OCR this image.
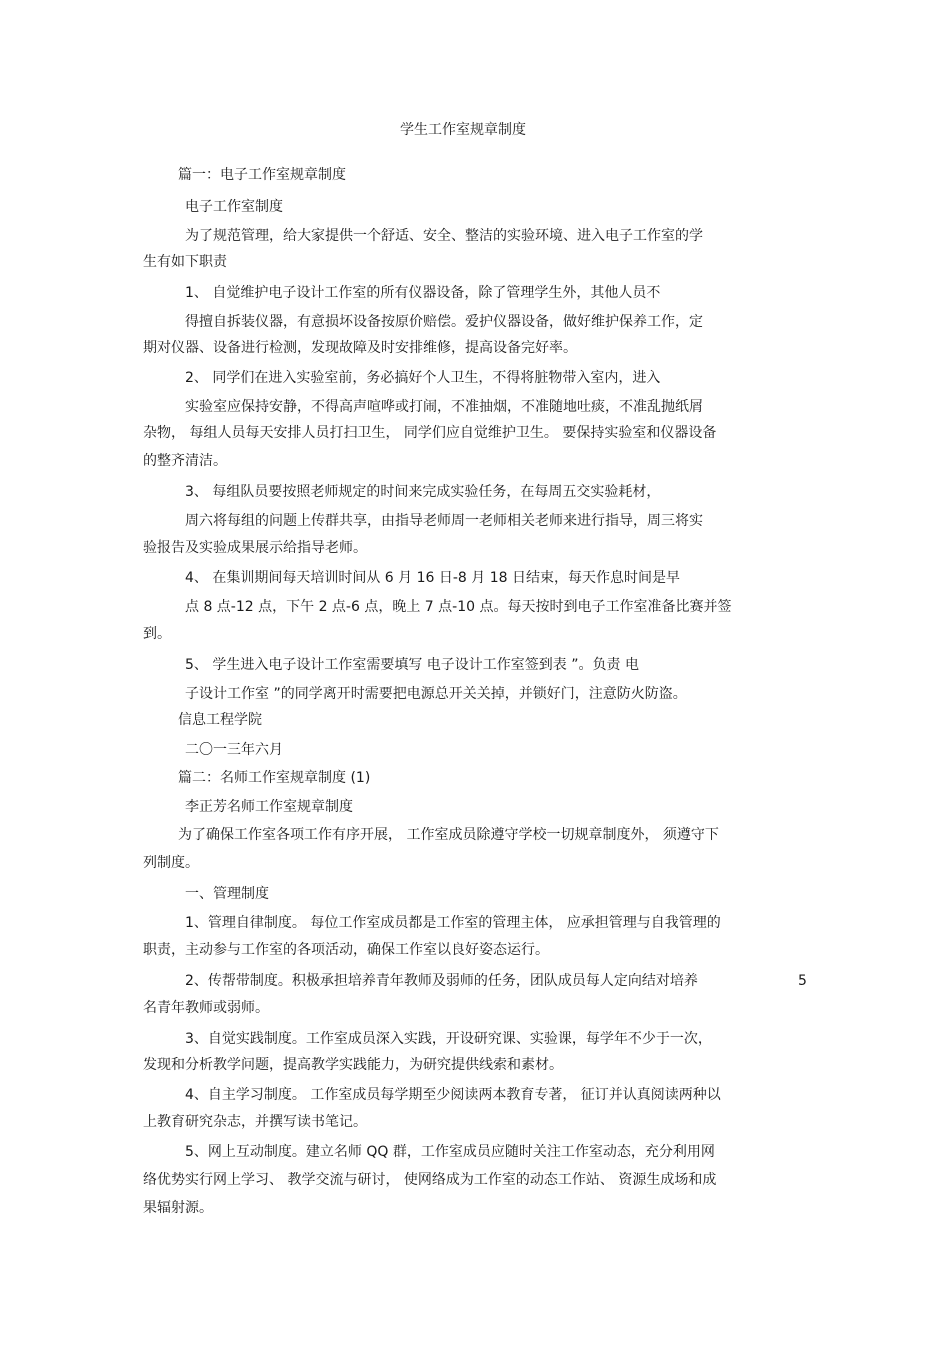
学生工作室规章制度
篇一：电子工作室规章制度
电子工作室制度
为了规范管理，给大家提供一个舒适、安全、整洁的实验环境、进入电子工作室的学
生有如下职责
1、 自觉维护电子设计工作室的所有仪器设备，除了管理学生外，其他人员不
得擅自拆装仪器，有意损坏设备按原价赔偿。爱护仪器设备，做好维护保养工作，定
期对仪器、设备进行检测，发现故障及时安排维修，提高设备完好率。
2、 同学们在进入实验室前，务必搞好个人卫生，不得将脏物带入室内，进入
实验室应保持安静，不得高声喧哗或打闹，不准抽烟，不准随地吐痰，不准乱抛纸屑
杂物， 每组人员每天安排人员打扫卫生， 同学们应自觉维护卫生。 要保持实验室和仪器设备
的整齐清洁。
3、 每组队员要按照老师规定的时间来完成实验任务，在每周五交实验耗材，
周六将每组的问题上传群共享，由指导老师周一老师相关老师来进行指导，周三将实
验报告及实验成果展示给指导老师。
4、 在集训期间每天培训时间从 6 月 16 日-8 月 18 日结束，每天作息时间是早
点 8 点-12 点，下午 2 点-6 点，晚上 7 点-10 点。每天按时到电子工作室准备比赛并签
到。
5、 学生进入电子设计工作室需要填写 电子设计工作室签到表 ”。负责 电
子设计工作室 ”的同学离开时需要把电源总开关关掉，并锁好门，注意防火防盗。
信息工程学院
二〇一三年六月
篇二：名师工作室规章制度 (1)
李正芳名师工作室规章制度
为了确保工作室各项工作有序开展， 工作室成员除遵守学校一切规章制度外， 须遵守下
列制度。
一、管理制度
1、管理自律制度。 每位工作室成员都是工作室的管理主体， 应承担管理与自我管理的
职责，主动参与工作室的各项活动，确保工作室以良好姿态运行。
2、传帮带制度。积极承担培养青年教师及弱师的任务，团队成员每人定向结对培养	5
名青年教师或弱师。
3、自觉实践制度。工作室成员深入实践，开设研究课、实验课，每学年不少于一次，
发现和分析教学问题，提高教学实践能力，为研究提供线索和素材。
4、自主学习制度。 工作室成员每学期至少阅读两本教育专著， 征订并认真阅读两种以
上教育研究杂志，并撰写读书笔记。
5、网上互动制度。建立名师 QQ 群，工作室成员应随时关注工作室动态，充分利用网
络优势实行网上学习、 教学交流与研讨， 使网络成为工作室的动态工作站、 资源生成场和成
果辐射源。
